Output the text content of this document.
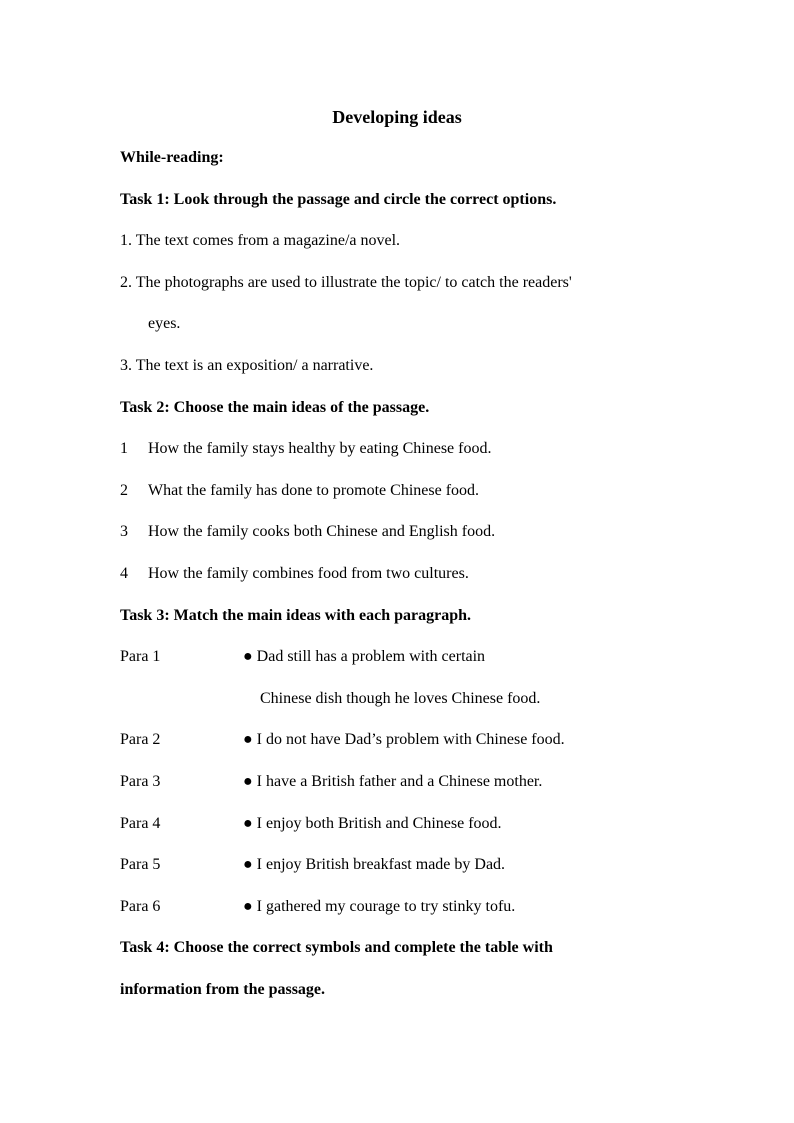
Developing ideas
While-reading:
Task 1: Look through the passage and circle the correct options.
1. The text comes from a magazine/a novel.
2. The photographs are used to illustrate the topic/ to catch the readers'
eyes.
3. The text is an exposition/ a narrative.
Task 2: Choose the main ideas of the passage.
1 How the family stays healthy by eating Chinese food.
2 What the family has done to promote Chinese food.
3 How the family cooks both Chinese and English food.
4 How the family combines food from two cultures.
Task 3: Match the main ideas with each paragraph.
Para 1	● Dad still has a problem with certain
Chinese dish though he loves Chinese food.
Para 2	● I do not have Dad’s problem with Chinese food.
Para 3	● I have a British father and a Chinese mother.
Para 4	● I enjoy both British and Chinese food.
Para 5	● I enjoy British breakfast made by Dad.
Para 6	● I gathered my courage to try stinky tofu.
Task 4: Choose the correct symbols and complete the table with
information from the passage.
